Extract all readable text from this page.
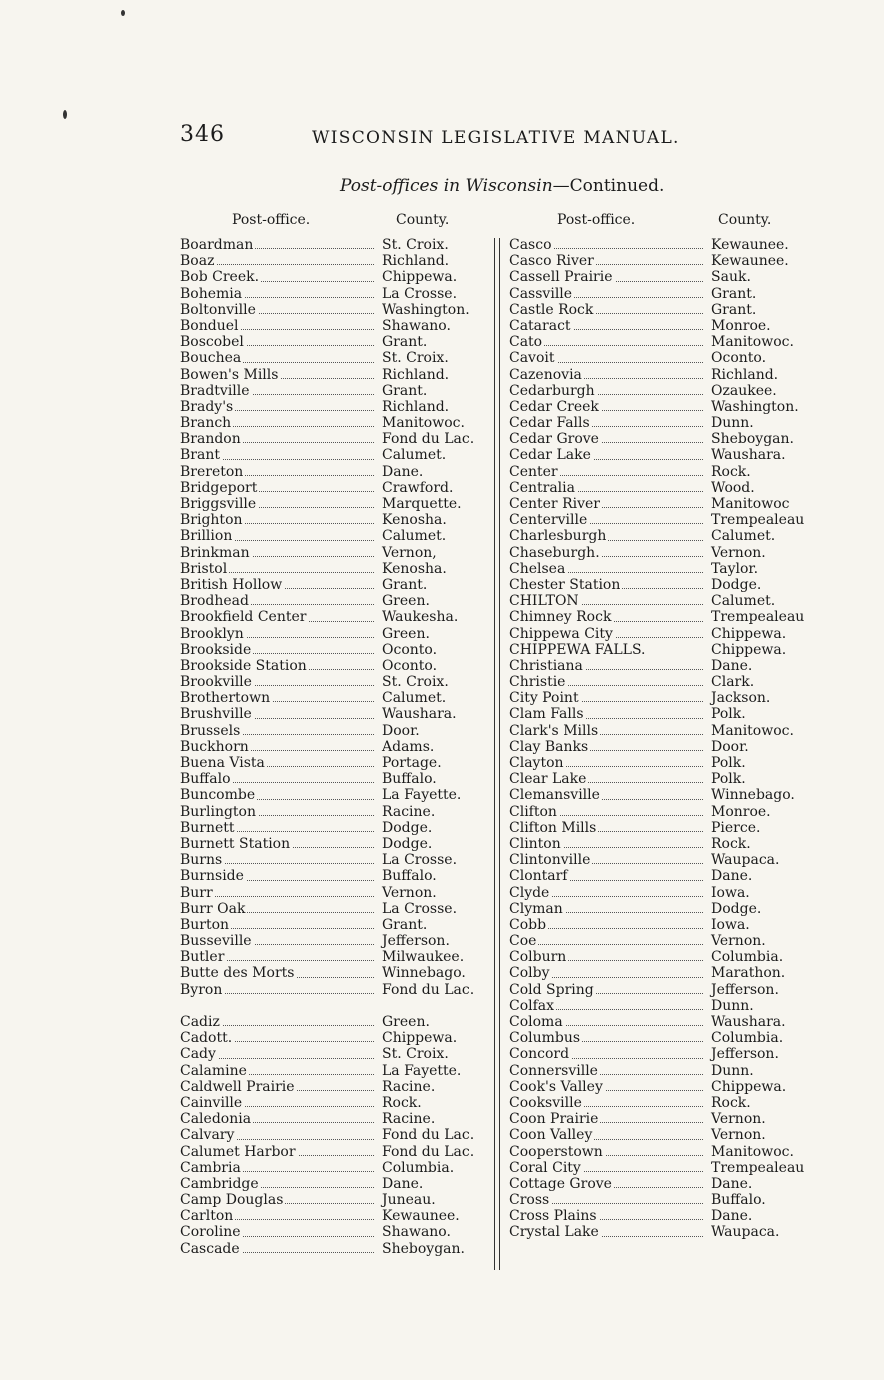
346	WISCONSIN LEGISLATIVE MANUAL.
Post-offices in Wisconsin—Continued.
Post-office.	County.	Post-office.	County.
Boardman	St. Croix.
Boaz	Richland.
Bob Creek.	Chippewa.
Bohemia	La Crosse.
Boltonville	Washington.
Bonduel	Shawano.
Boscobel	Grant.
Bouchea	St. Croix.
Bowen's Mills	Richland.
Bradtville	Grant.
Brady's	Richland.
Branch	Manitowoc.
Brandon	Fond du Lac.
Brant	Calumet.
Brereton	Dane.
Bridgeport	Crawford.
Briggsville	Marquette.
Brighton	Kenosha.
Brillion	Calumet.
Brinkman	Vernon,
Bristol	Kenosha.
British Hollow	Grant.
Brodhead	Green.
Brookfield Center	Waukesha.
Brooklyn	Green.
Brookside	Oconto.
Brookside Station	Oconto.
Brookville	St. Croix.
Brothertown	Calumet.
Brushville	Waushara.
Brussels	Door.
Buckhorn	Adams.
Buena Vista	Portage.
Buffalo	Buffalo.
Buncombe	La Fayette.
Burlington	Racine.
Burnett	Dodge.
Burnett Station	Dodge.
Burns	La Crosse.
Burnside	Buffalo.
Burr	Vernon.
Burr Oak	La Crosse.
Burton	Grant.
Busseville	Jefferson.
Butler	Milwaukee.
Butte des Morts	Winnebago.
Byron	Fond du Lac.
Cadiz	Green.
Cadott.	Chippewa.
Cady	St. Croix.
Calamine	La Fayette.
Caldwell Prairie	Racine.
Cainville	Rock.
Caledonia	Racine.
Calvary	Fond du Lac.
Calumet Harbor	Fond du Lac.
Cambria	Columbia.
Cambridge	Dane.
Camp Douglas	Juneau.
Carlton	Kewaunee.
Coroline	Shawano.
Cascade	Sheboygan.
Casco	Kewaunee.
Casco River	Kewaunee.
Cassell Prairie	Sauk.
Cassville	Grant.
Castle Rock	Grant.
Cataract	Monroe.
Cato	Manitowoc.
Cavoit	Oconto.
Cazenovia	Richland.
Cedarburgh	Ozaukee.
Cedar Creek	Washington.
Cedar Falls	Dunn.
Cedar Grove	Sheboygan.
Cedar Lake	Waushara.
Center	Rock.
Centralia	Wood.
Center River	Manitowoc
Centerville	Trempealeau
Charlesburgh	Calumet.
Chaseburgh.	Vernon.
Chelsea	Taylor.
Chester Station	Dodge.
CHILTON	Calumet.
Chimney Rock	Trempealeau
Chippewa City	Chippewa.
CHIPPEWA FALLS.	Chippewa.
Christiana	Dane.
Christie	Clark.
City Point	Jackson.
Clam Falls	Polk.
Clark's Mills	Manitowoc.
Clay Banks	Door.
Clayton	Polk.
Clear Lake	Polk.
Clemansville	Winnebago.
Clifton	Monroe.
Clifton Mills	Pierce.
Clinton	Rock.
Clintonville	Waupaca.
Clontarf	Dane.
Clyde	Iowa.
Clyman	Dodge.
Cobb	Iowa.
Coe	Vernon.
Colburn	Columbia.
Colby	Marathon.
Cold Spring	Jefferson.
Colfax	Dunn.
Coloma	Waushara.
Columbus	Columbia.
Concord	Jefferson.
Connersville	Dunn.
Cook's Valley	Chippewa.
Cooksville	Rock.
Coon Prairie	Vernon.
Coon Valley	Vernon.
Cooperstown	Manitowoc.
Coral City	Trempealeau
Cottage Grove	Dane.
Cross	Buffalo.
Cross Plains	Dane.
Crystal Lake	Waupaca.
